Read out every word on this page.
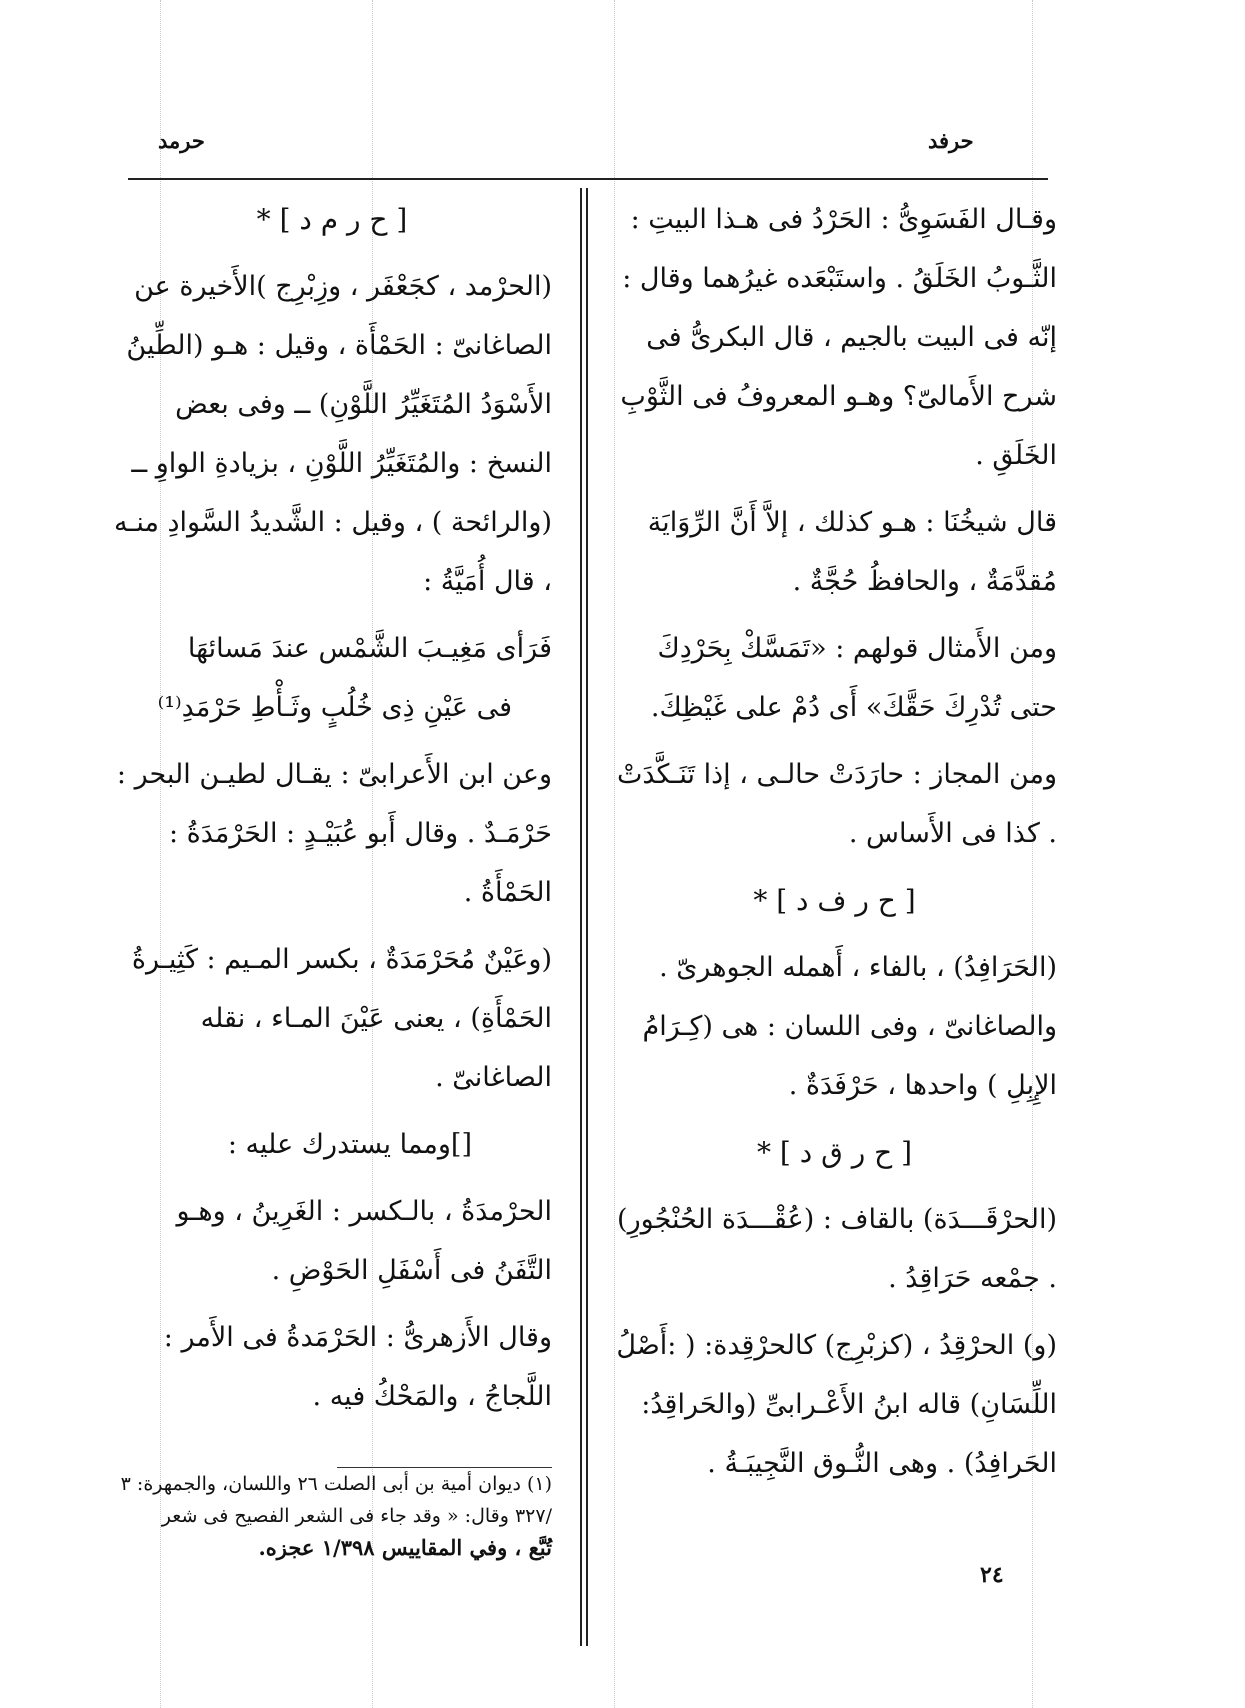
حرفد
حرمد

وقـال الفَسَوِىُّ : الحَرْدُ فى هـذا البيتِ : الثَّـوبُ الخَلَقُ . واستَبْعَده غيرُهما وقال : إنّه فى البيت بالجيم ، قال البكرىُّ فى شرح الأَمالىّ؟ وهـو المعروفُ فى الثَّوْبِ الخَلَقِ .

قال شيخُنَا : هـو كذلك ، إلاَّ أَنَّ الرِّوَايَة مُقدَّمَةٌ ، والحافظُ حُجَّةٌ .

ومن الأَمثال قولهم : «تَمَسَّكْ بِحَرْدِكَ حتى تُدْرِكَ حَقَّكَ» أَى دُمْ على غَيْظِكَ.

ومن المجاز : حارَدَتْ حالـى ، إذا تَنَـكَّدَتْ . كذا فى الأَساس .

[ ح ر ف د ] *

(الحَرَافِدُ) ، بالفاء ، أَهمله الجوهرىّ . والصاغانىّ ، وفى اللسان : هى (كِـرَامُ الإِبِلِ ) واحدها ، حَرْفَدَةٌ .

[ ح ر ق د ] *

(الحرْقَـــدَة) بالقاف : (عُقْـــدَة الحُنْجُورِ) . جمْعه حَرَاقِدُ .

(و) الحرْقِدُ ، (كزبْرِج) كالحرْقِدة: ( :أَصْلُ اللِّسَانِ) قاله ابنُ الأَعْـرابىِّ (والحَراقِدُ: الحَرافِدُ) . وهى النُّـوق النَّجِيبَـةُ .

[ ح ر م د ] *

(الحرْمد ، كجَعْفَر ، وزِبْرِج )الأَخيرة عن الصاغانىّ : الحَمْأَة ، وقيل : هـو (الطِّينُ الأَسْوَدُ المُتَغَيِّرُ اللَّوْنِ) ــ وفى بعض النسخ : والمُتَغَيِّرُ اللَّوْنِ ، بزيادةِ الواوِ ــ (والرائحة ) ، وقيل : الشَّديدُ السَّوادِ منـه ، قال أُمَيَّةُ :

فَرَأى مَغِيـبَ الشَّمْس عندَ مَسائهَا

فى عَيْنِ ذِى خُلُبٍ وثَـأْطِ حَرْمَدِ⁽¹⁾

وعن ابن الأَعرابىّ : يقـال لطيـن البحر : حَرْمَـدٌ . وقال أَبو عُبَيْـدٍ : الحَرْمَدَةُ : الحَمْأَةُ .

(وعَيْنٌ مُحَرْمَدَةٌ ، بكسر المـيم : كَثِيـرةُ الحَمْأَةِ) ، يعنى عَيْنَ المـاء ، نقله الصاغانىّ .

[]ومما يستدرك عليه :

الحرْمدَةُ ، بالـكسر : الغَرِينُ ، وهـو التَّفَنُ فى أَسْفَلِ الحَوْضِ .

وقال الأَزهرىُّ : الحَرْمَدةُ فى الأَمر : اللَّجاجُ ، والمَحْكُ فيه .

(١) ديوان أمية بن أبى الصلت ٢٦ واللسان، والجمهرة: ٣ /٣٢٧ وقال: « وقد جاء فى الشعر الفصيح فى شعر
تُبَّع ، وفي المقاييس ١/٣٩٨ عجزه.
٢٤
